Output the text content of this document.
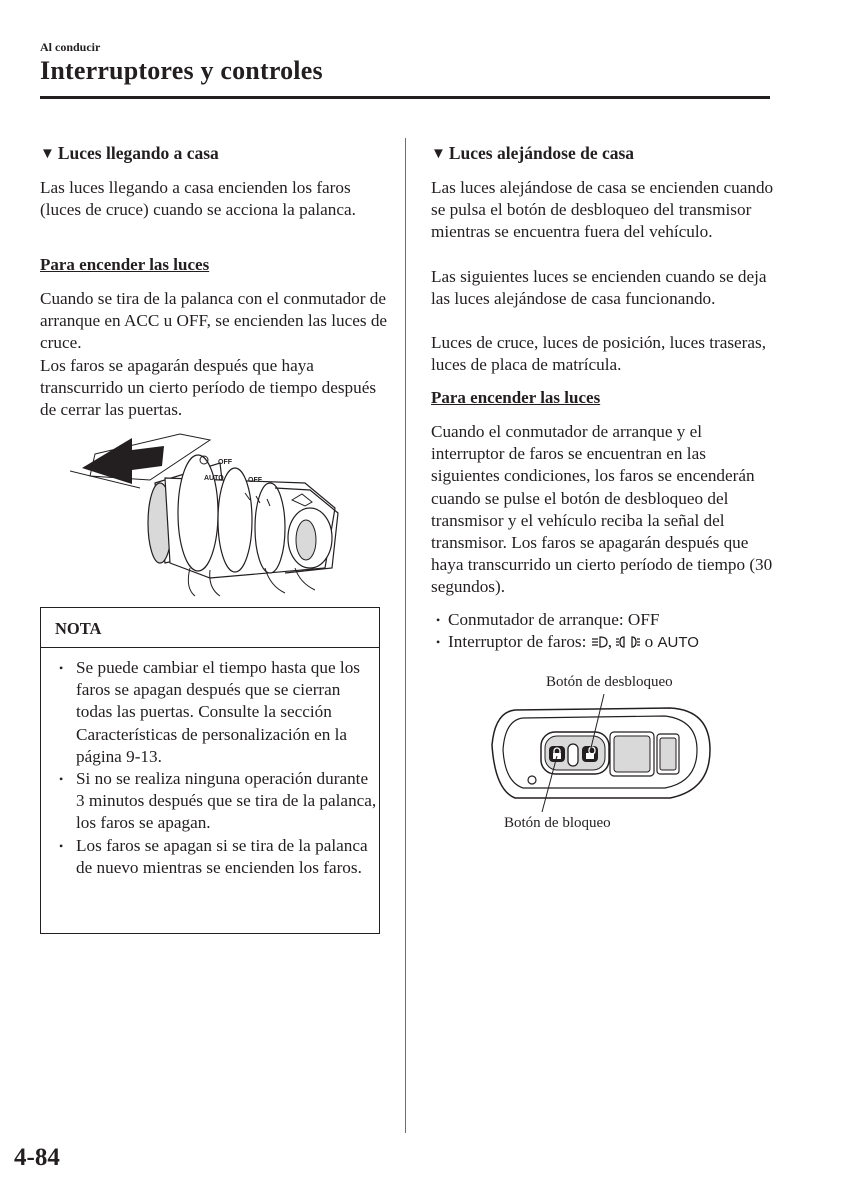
Al conducir
Interruptores y controles
▼ Luces llegando a casa

Las luces llegando a casa encienden los faros (luces de cruce) cuando se acciona la palanca.

Para encender las luces

Cuando se tira de la palanca con el conmutador de arranque en ACC u OFF, se encienden las luces de cruce.

Los faros se apagarán después que haya transcurrido un cierto período de tiempo después de cerrar las puertas.

OFF
AUTO	OFF
NOTA
• Se puede cambiar el tiempo hasta que los faros se apagan después que se cierran todas las puertas. Consulte la sección Características de personalización en la página 9-13.
• Si no se realiza ninguna operación durante 3 minutos después que se tira de la palanca, los faros se apagan.
• Los faros se apagan si se tira de la palanca de nuevo mientras se encienden los faros.
▼ Luces alejándose de casa

Las luces alejándose de casa se encienden cuando se pulsa el botón de desbloqueo del transmisor mientras se encuentra fuera del vehículo.

Las siguientes luces se encienden cuando se deja las luces alejándose de casa funcionando.

Luces de cruce, luces de posición, luces traseras, luces de placa de matrícula.

Para encender las luces

Cuando el conmutador de arranque y el interruptor de faros se encuentran en las siguientes condiciones, los faros se encenderán cuando se pulse el botón de desbloqueo del transmisor y el vehículo reciba la señal del transmisor. Los faros se apagarán después que haya transcurrido un cierto período de tiempo (30 segundos).

• Conmutador de arranque: OFF
• Interruptor de faros: ,  o AUTO
Botón de desbloqueo
Botón de bloqueo
4-84
